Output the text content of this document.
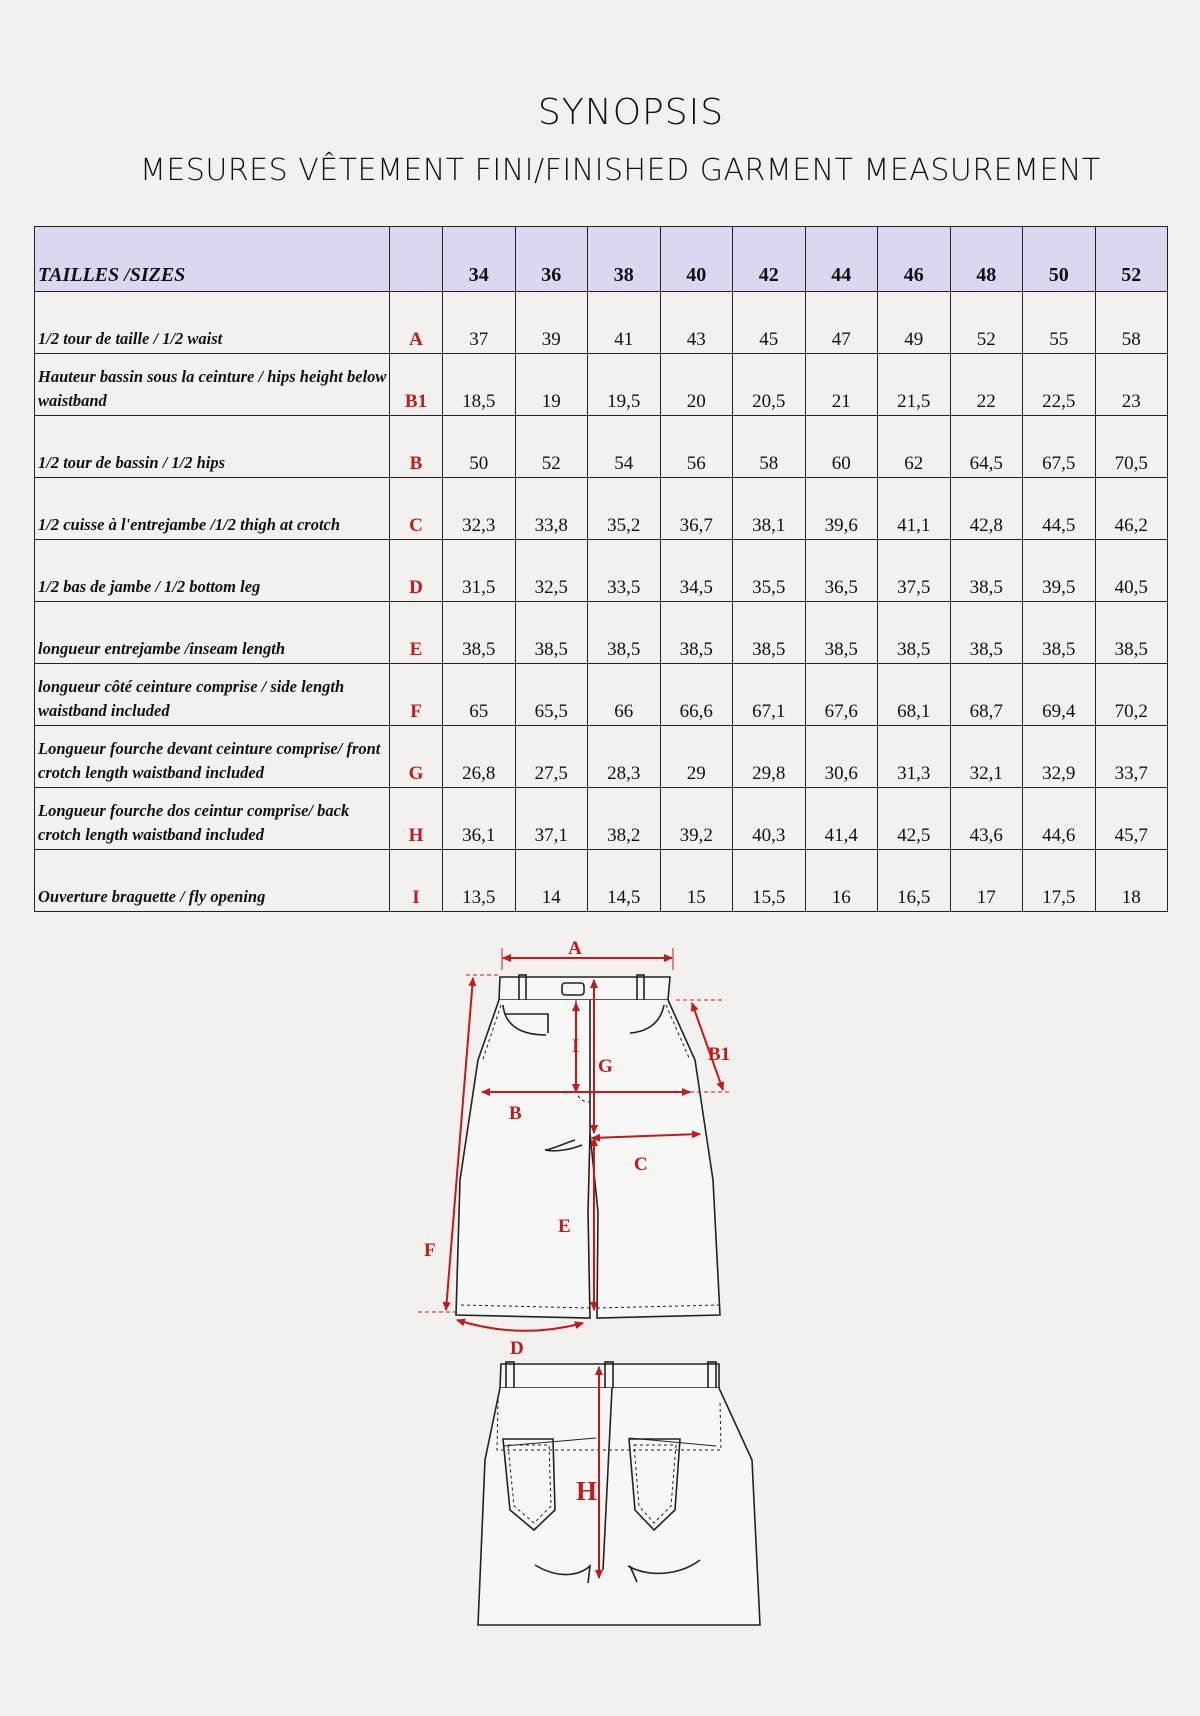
SYNOPSIS
MESURES VÊTEMENT FINI/FINISHED GARMENT MEASUREMENT
TAILLES /SIZES		34	36	38	40	42	44	46	48	50	52
1/2 tour de taille / 1/2 waist	A	37	39	41	43	45	47	49	52	55	58
Hauteur bassin sous la ceinture / hips height below waistband	B1	18,5	19	19,5	20	20,5	21	21,5	22	22,5	23
1/2 tour de bassin / 1/2 hips	B	50	52	54	56	58	60	62	64,5	67,5	70,5
1/2 cuisse à l'entrejambe /1/2 thigh at crotch	C	32,3	33,8	35,2	36,7	38,1	39,6	41,1	42,8	44,5	46,2
1/2 bas de jambe / 1/2 bottom leg	D	31,5	32,5	33,5	34,5	35,5	36,5	37,5	38,5	39,5	40,5
longueur entrejambe /inseam length	E	38,5	38,5	38,5	38,5	38,5	38,5	38,5	38,5	38,5	38,5
longueur côté ceinture comprise / side length waistband included	F	65	65,5	66	66,6	67,1	67,6	68,1	68,7	69,4	70,2
Longueur fourche devant ceinture comprise/ front crotch length waistband included	G	26,8	27,5	28,3	29	29,8	30,6	31,3	32,1	32,9	33,7
Longueur fourche dos ceintur comprise/ back crotch length waistband included	H	36,1	37,1	38,2	39,2	40,3	41,4	42,5	43,6	44,6	45,7
Ouverture braguette / fly opening	I	13,5	14	14,5	15	15,5	16	16,5	17	17,5	18
A
B1
I
G
B
C
E
F
D
H
